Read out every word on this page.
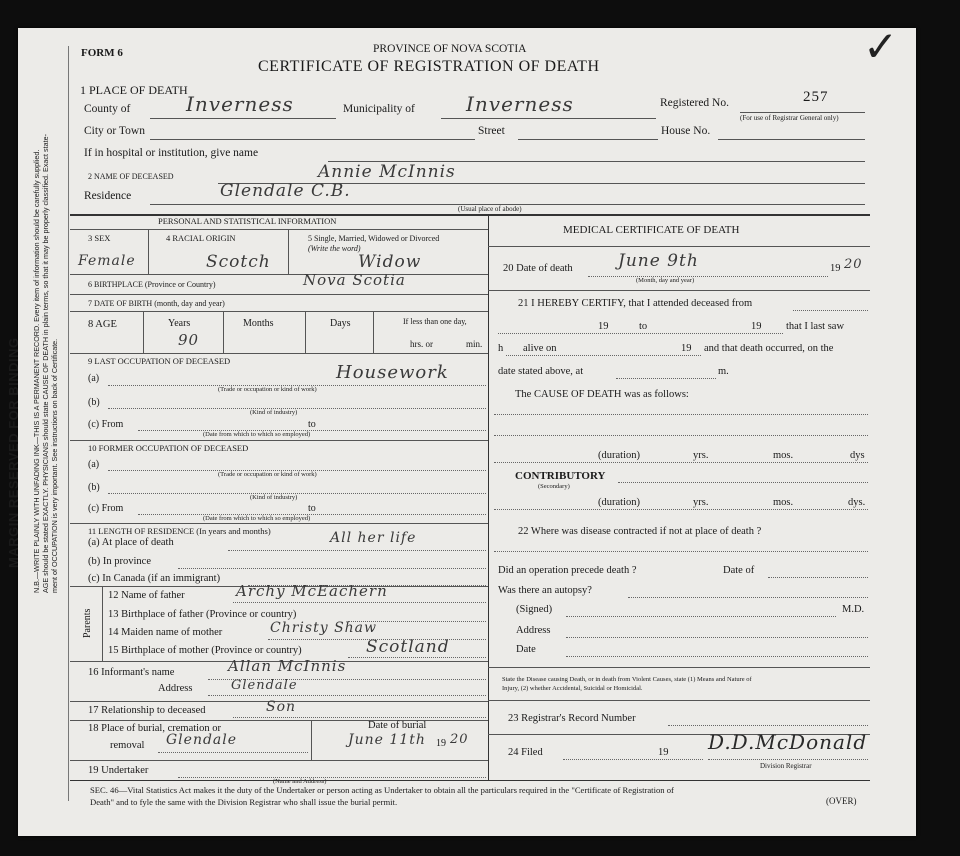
MARGIN RESERVED FOR BINDING N.B.—WRITE PLAINLY WITH UNFADING INK—THIS IS A PERMANENT RECORD. Every item of information should be carefully supplied. AGE should be stated EXACTLY. PHYSICIANS should state CAUSE OF DEATH in plain terms, so that it may be properly classified. Exact state- ment of OCCUPATION is very important. See instructions on back of Certificate.
FORM 6	PROVINCE OF NOVA SCOTIA
CERTIFICATE OF REGISTRATION OF DEATH	✓
1 PLACE OF DEATH
County of	Inverness	Municipality of	Inverness	Registered No.	257
(For use of Registrar General only)
City or Town	Street	House No.
If in hospital or institution, give name
2 NAME OF DECEASED	Annie McInnis
Residence	Glendale C.B.
(Usual place of abode)
PERSONAL AND STATISTICAL INFORMATION
3 SEX	4 RACIAL ORIGIN	5 Single, Married, Widowed or Divorced (Write the word)
Female	Scotch	Widow
6 BIRTHPLACE (Province or Country)	Nova Scotia
7 DATE OF BIRTH (month, day and year)
8 AGE	Years
90
Months	Days	If less than one day,
hrs. or	min.
9 LAST OCCUPATION OF DECEASED
(a)	Housework
(Trade or occupation or kind of work)
(b)
(Kind of industry)
(c) From	to
(Date from which to which so employed)
10 FORMER OCCUPATION OF DECEASED
(a)
(Trade or occupation or kind of work)
(b)
(Kind of industry)
(c) From	to
(Date from which to which so employed)
11 LENGTH OF RESIDENCE (In years and months)
(a) At place of death	All her life
(b) In province
(c) In Canada (if an immigrant)
Parents
12 Name of father	Archy McEachern
13 Birthplace of father (Province or country)
14 Maiden name of mother	Christy Shaw
15 Birthplace of mother (Province or country)	Scotland
16 Informant's name	Allan McInnis
Address	Glendale
17 Relationship to deceased	Son
18 Place of burial, cremation or
removal Glendale
Date of burial
June 11th 19 20
19 Undertaker
(Name and Address)
MEDICAL CERTIFICATE OF DEATH
20 Date of death	June 9th
(Month, day and year)
19 20
21 I HEREBY CERTIFY, that I attended deceased from
19	to	19 that I last saw
h alive on	19 and that death occurred, on the
date stated above, at	m.
The CAUSE OF DEATH was as follows:
(duration)	yrs.	mos.	dys
CONTRIBUTORY
(Secondary)
(duration)	yrs.	mos.	dys.
22 Where was disease contracted if not at place of death ?
Did an operation precede death ?	Date of
Was there an autopsy?
(Signed)	M.D.
Address
Date
State the Disease causing Death, or in death from Violent Causes, state (1) Means and Nature of
Injury, (2) whether Accidental, Suicidal or Homicidal.
23 Registrar's Record Number
24 Filed	19 D.D.McDonald
Division Registrar
SEC. 46—Vital Statistics Act makes it the duty of the Undertaker or person acting as Undertaker to obtain all the particulars required in the "Certificate of Registration of
Death" and to fyle the same with the Division Registrar who shall issue the burial permit.	(OVER)
